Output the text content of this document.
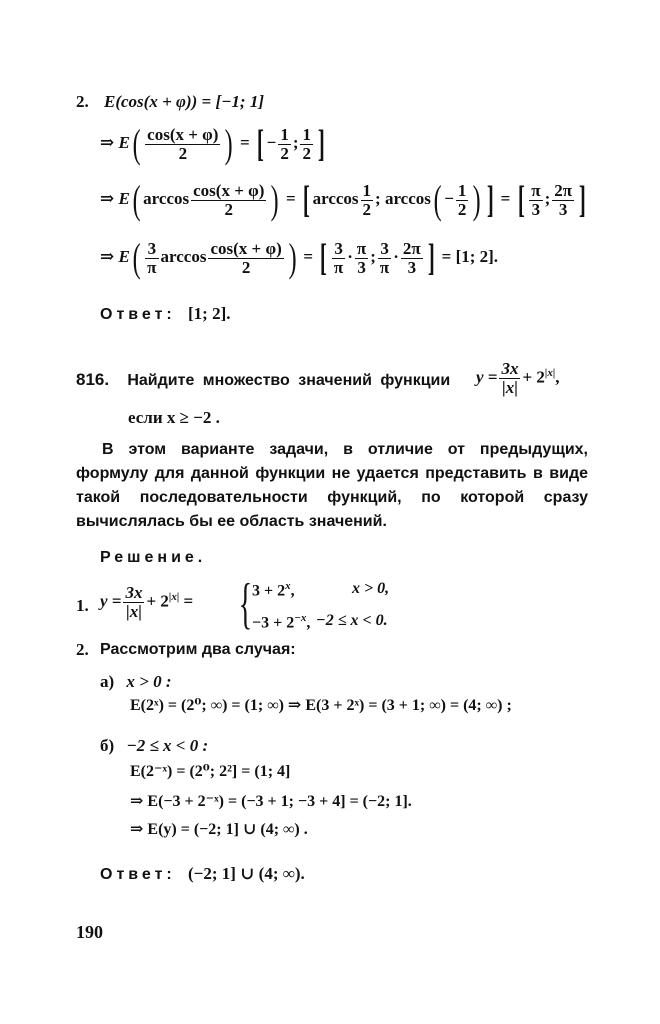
2. E(cos(x + φ)) = [−1; 1]
⇒ $E( \frac{\cos(x + \varphi)}{2}$ ) = [ − $\frac{1}{2}$ ; $\frac{1}{2}$ ]
⇒ E( $\arccos \frac{\cos(x + \varphi)}{2}$ ) = [ $\arccos \frac{1}{2}$ ; $\arccos( - \frac{1}{2}$ ) ] = [ $\frac{\pi}{3}$ ; $\frac{2\pi}{3}$ ]
⇒ $E( \frac{3}{\pi}$ $\arccos \frac{\cos(x + \varphi)}{2}$ ) = [ $\frac{3}{\pi} \cdot \frac{\pi}{3}$ ; $\frac{3}{\pi} \cdot \frac{2\pi}{3}$ ] = [1; 2].
Ответ: [1; 2].
816. Найдите множество значений функции $y = \frac{3x}{|x|} + 2^{|x|}$,
если x ≥ −2 .
В этом варианте задачи, в отличие от предыдущих, формулу для данной функции не удается представить в виде такой последовательности функций, по которой сразу вычислялась бы ее область значений.
Решение.
1. $y = \frac{3x}{|x|} + 2^{|x|}$ = { $3 + 2^x$,	x > 0,
$-3 + 2^{-x}$, −2 ≤ x < 0.
2. Рассмотрим два случая:
а) x > 0 :
E(2ˣ) = (2⁰; ∞) = (1; ∞) ⇒ E(3 + 2ˣ) = (3 + 1; ∞) = (4; ∞) ;
б) −2 ≤ x < 0 :
E(2⁻ˣ) = (2⁰; 2²] = (1; 4]
⇒ E(−3 + 2⁻ˣ) = (−3 + 1; −3 + 4] = (−2; 1].
⇒ E(y) = (−2; 1] ∪ (4; ∞) .
Ответ: (−2; 1] ∪ (4; ∞).
190
